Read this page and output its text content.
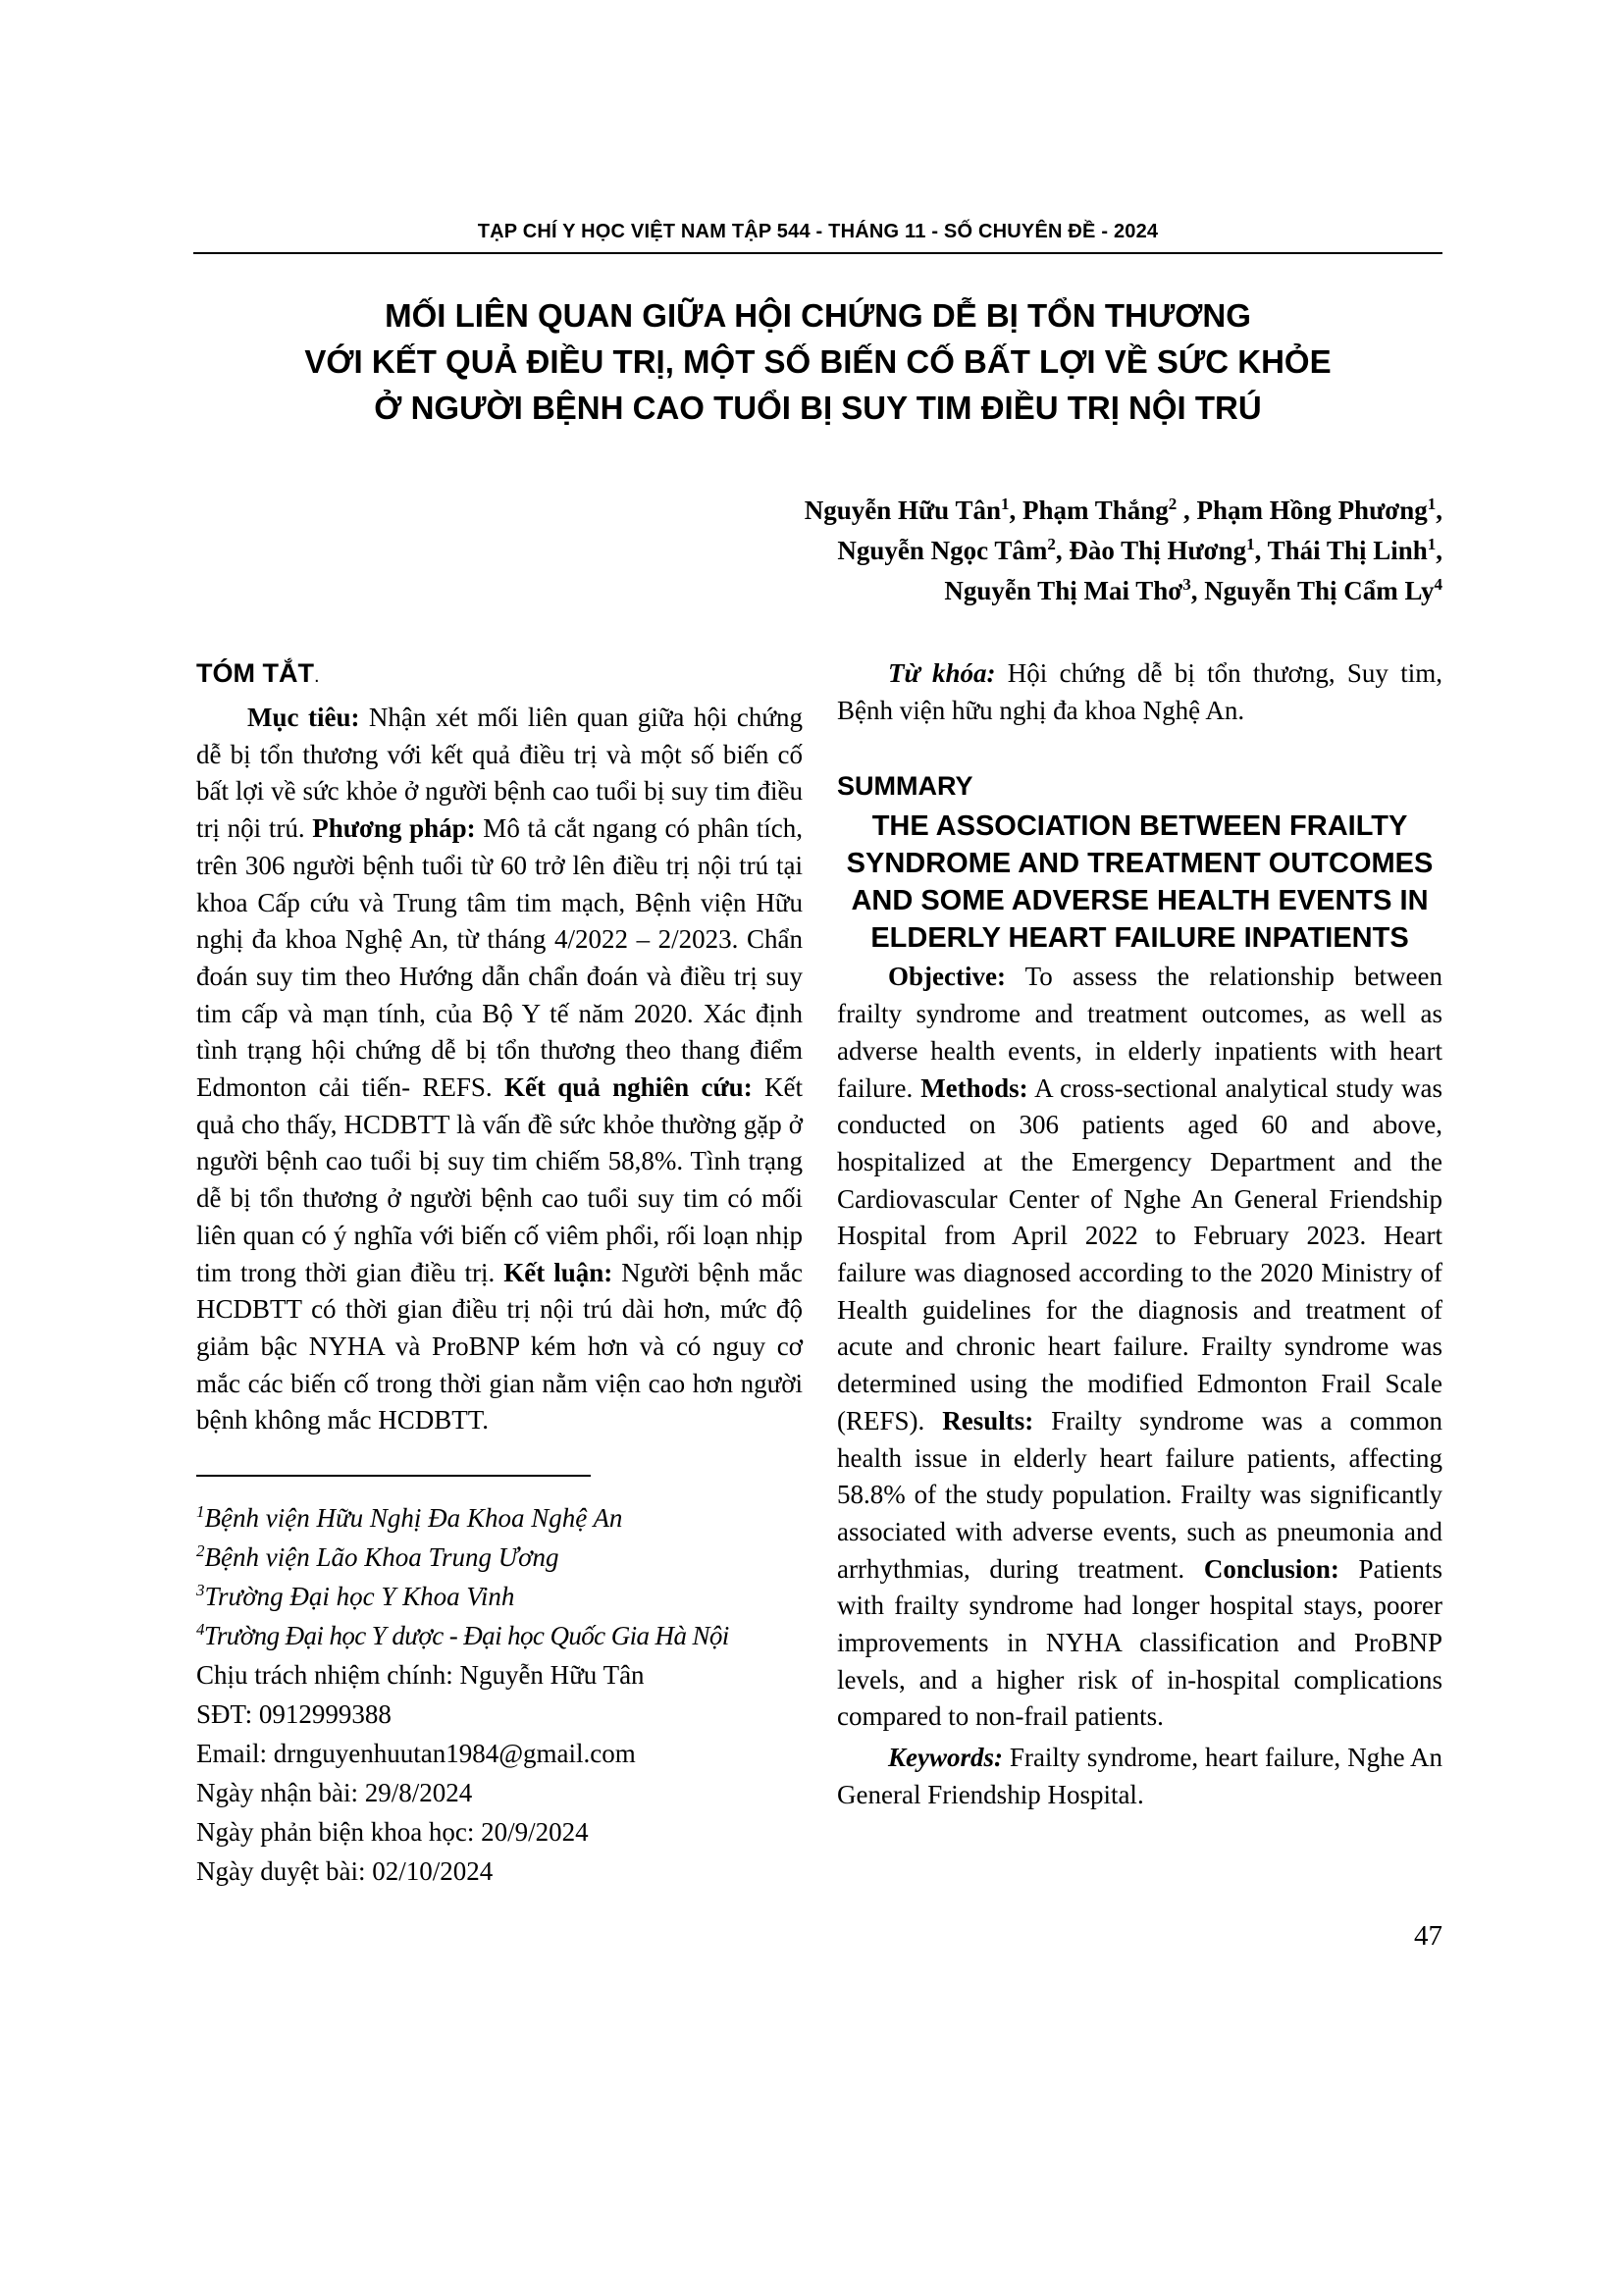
TẠP CHÍ Y HỌC VIỆT NAM TẬP 544 - THÁNG 11 - SỐ CHUYÊN ĐỀ - 2024
MỐI LIÊN QUAN GIỮA HỘI CHỨNG DỄ BỊ TỔN THƯƠNG
VỚI KẾT QUẢ ĐIỀU TRỊ, MỘT SỐ BIẾN CỐ BẤT LỢI VỀ SỨC KHỎE
Ở NGƯỜI BỆNH CAO TUỔI BỊ SUY TIM ĐIỀU TRỊ NỘI TRÚ
Nguyễn Hữu Tân$^1$, Phạm Thắng$^2$ , Phạm Hồng Phương$^1$,
Nguyễn Ngọc Tâm$^2$, Đào Thị Hương$^1$, Thái Thị Linh$^1$,
Nguyễn Thị Mai Thơ$^3$, Nguyễn Thị Cẩm Ly$^4$
TÓM TẮT.

Mục tiêu: Nhận xét mối liên quan giữa hội chứng dễ bị tổn thương với kết quả điều trị và một số biến cố bất lợi về sức khỏe ở người bệnh cao tuổi bị suy tim điều trị nội trú. Phương pháp: Mô tả cắt ngang có phân tích, trên 306 người bệnh tuổi từ 60 trở lên điều trị nội trú tại khoa Cấp cứu và Trung tâm tim mạch, Bệnh viện Hữu nghị đa khoa Nghệ An, từ tháng 4/2022 – 2/2023. Chẩn đoán suy tim theo Hướng dẫn chẩn đoán và điều trị suy tim cấp và mạn tính, của Bộ Y tế năm 2020. Xác định tình trạng hội chứng dễ bị tổn thương theo thang điểm Edmonton cải tiến- REFS. Kết quả nghiên cứu: Kết quả cho thấy, HCDBTT là vấn đề sức khỏe thường gặp ở người bệnh cao tuổi bị suy tim chiếm 58,8%. Tình trạng dễ bị tổn thương ở người bệnh cao tuổi suy tim có mối liên quan có ý nghĩa với biến cố viêm phổi, rối loạn nhịp tim trong thời gian điều trị. Kết luận: Người bệnh mắc HCDBTT có thời gian điều trị nội trú dài hơn, mức độ giảm bậc NYHA và ProBNP kém hơn và có nguy cơ mắc các biến cố trong thời gian nằm viện cao hơn người bệnh không mắc HCDBTT.

$^1$Bệnh viện Hữu Nghị Đa Khoa Nghệ An

$^2$Bệnh viện Lão Khoa Trung Ương

$^3$Trường Đại học Y Khoa Vinh

$^4$Trường Đại học Y dược - Đại học Quốc Gia Hà Nội

Chịu trách nhiệm chính: Nguyễn Hữu Tân

SĐT: 0912999388

Email: drnguyenhuutan1984@gmail.com

Ngày nhận bài: 29/8/2024

Ngày phản biện khoa học: 20/9/2024

Ngày duyệt bài: 02/10/2024

Từ khóa: Hội chứng dễ bị tổn thương, Suy tim, Bệnh viện hữu nghị đa khoa Nghệ An.

SUMMARY

THE ASSOCIATION BETWEEN FRAILTY SYNDROME AND TREATMENT OUTCOMES AND SOME ADVERSE HEALTH EVENTS IN ELDERLY HEART FAILURE INPATIENTS

Objective: To assess the relationship between frailty syndrome and treatment outcomes, as well as adverse health events, in elderly inpatients with heart failure. Methods: A cross-sectional analytical study was conducted on 306 patients aged 60 and above, hospitalized at the Emergency Department and the Cardiovascular Center of Nghe An General Friendship Hospital from April 2022 to February 2023. Heart failure was diagnosed according to the 2020 Ministry of Health guidelines for the diagnosis and treatment of acute and chronic heart failure. Frailty syndrome was determined using the modified Edmonton Frail Scale (REFS). Results: Frailty syndrome was a common health issue in elderly heart failure patients, affecting 58.8% of the study population. Frailty was significantly associated with adverse events, such as pneumonia and arrhythmias, during treatment. Conclusion: Patients with frailty syndrome had longer hospital stays, poorer improvements in NYHA classification and ProBNP levels, and a higher risk of in-hospital complications compared to non-frail patients.

Keywords: Frailty syndrome, heart failure, Nghe An General Friendship Hospital.

47
